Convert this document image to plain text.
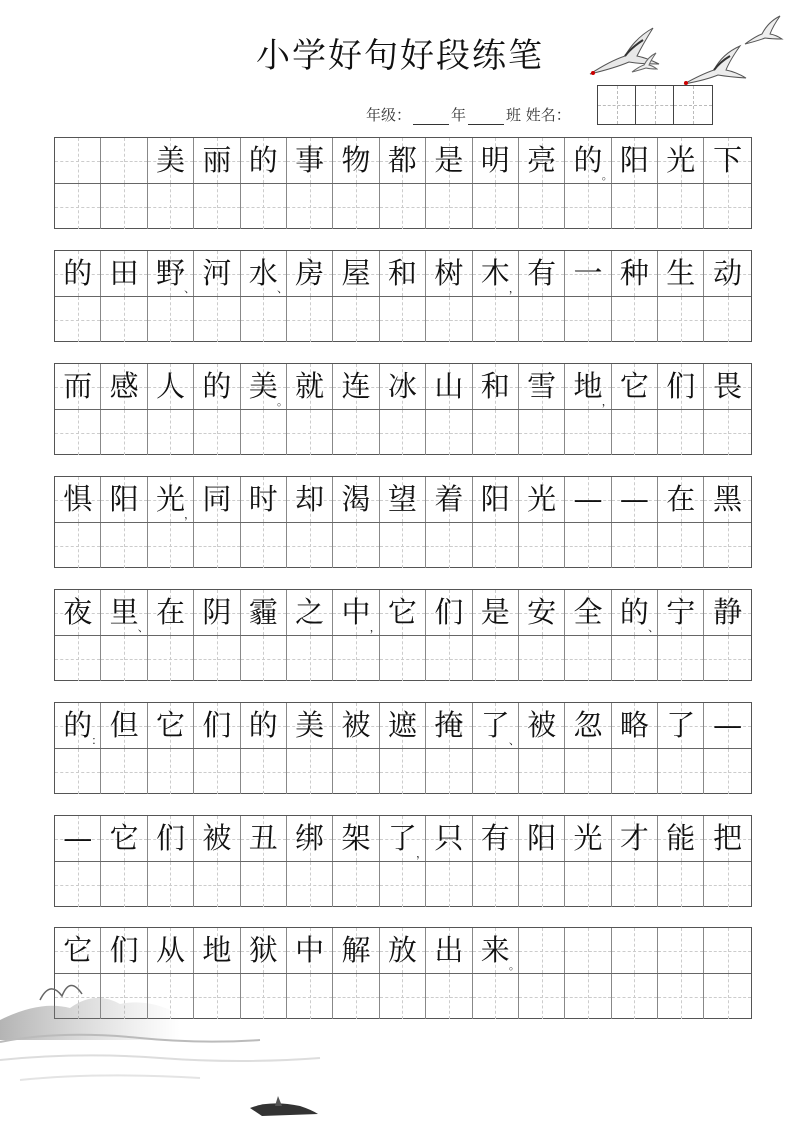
小学好句好段练笔
年级：	年	班 姓名：
美 丽 的 事 物 都 是 明 亮 的 。 阳 光 下
的 田 野 、 河 水 、 房 屋 和 树 木 ， 有 一 种 生 动
而 感 人 的 美 。 就 连 冰 山 和 雪 地 ， 它 们 畏
惧 阳 光 ， 同 时 却 渴 望 着 阳 光 — — 在 黑
夜 里 、 在 阴 霾 之 中 ， 它 们 是 安 全 的 、 宁 静
的 ： 但 它 们 的 美 被 遮 掩 了 、 被 忽 略 了 —
— 它 们 被 丑 绑 架 了 ， 只 有 阳 光 才 能 把
它 们 从 地 狱 中 解 放 出 来 。
